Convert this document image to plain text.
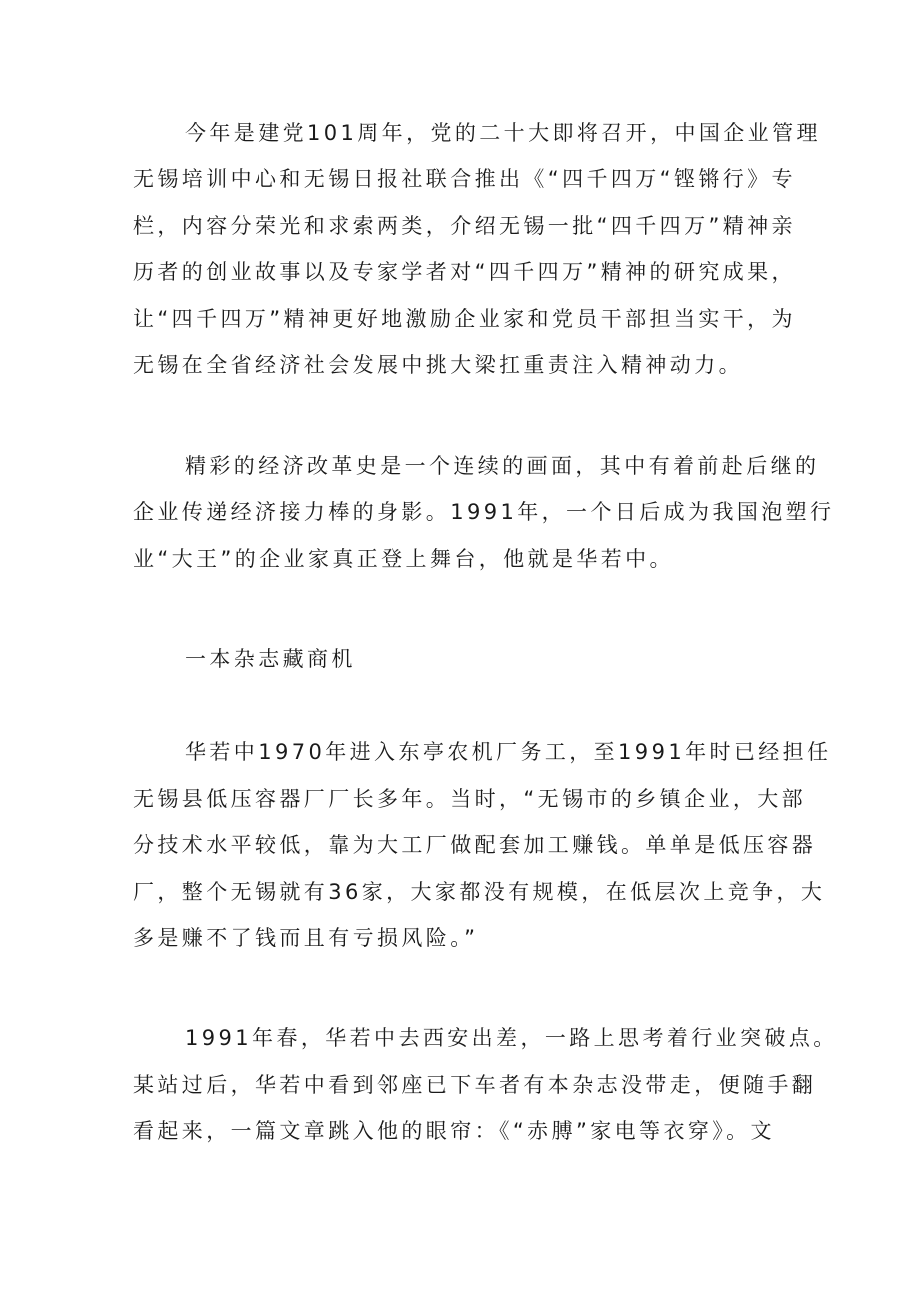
今年是建党101周年，党的二十大即将召开，中国企业管理
无锡培训中心和无锡日报社联合推出《“四千四万“铿锵行》专
栏，内容分荣光和求索两类，介绍无锡一批“四千四万”精神亲
历者的创业故事以及专家学者对“四千四万”精神的研究成果，
让“四千四万”精神更好地激励企业家和党员干部担当实干，为
无锡在全省经济社会发展中挑大梁扛重责注入精神动力。
精彩的经济改革史是一个连续的画面，其中有着前赴后继的
企业传递经济接力棒的身影。1991年，一个日后成为我国泡塑行
业“大王”的企业家真正登上舞台，他就是华若中。
一本杂志藏商机
华若中1970年进入东亭农机厂务工，至1991年时已经担任
无锡县低压容器厂厂长多年。当时，“无锡市的乡镇企业，大部
分技术水平较低，靠为大工厂做配套加工赚钱。单单是低压容器
厂，整个无锡就有36家，大家都没有规模，在低层次上竞争，大
多是赚不了钱而且有亏损风险。”
1991年春，华若中去西安出差，一路上思考着行业突破点。
某站过后，华若中看到邻座已下车者有本杂志没带走，便随手翻
看起来，一篇文章跳入他的眼帘：《“赤膊”家电等衣穿》。文
